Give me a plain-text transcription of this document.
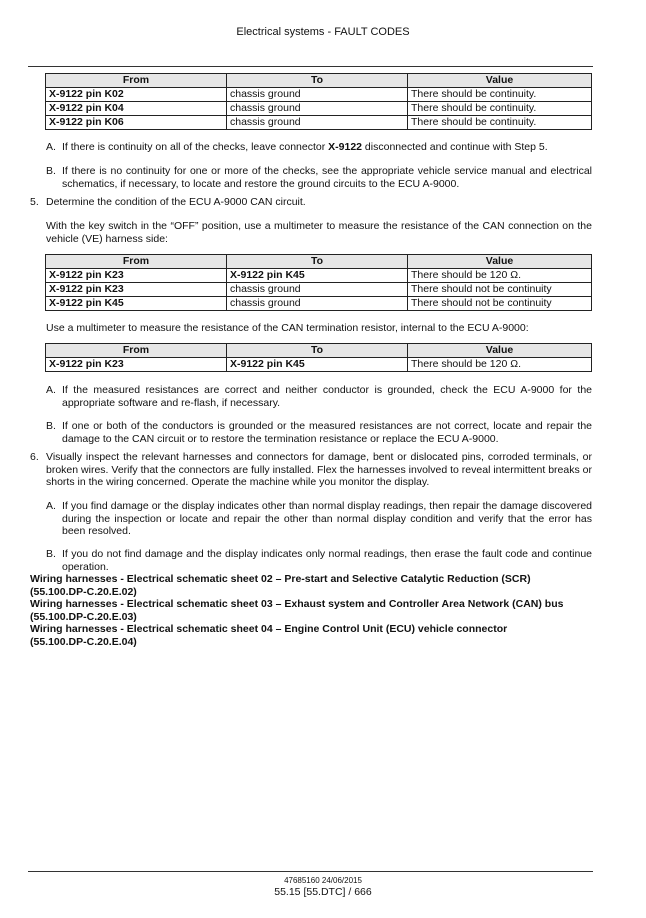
Electrical systems - FAULT CODES
From	To	Value
X-9122 pin K02	chassis ground	There should be continuity.
X-9122 pin K04	chassis ground	There should be continuity.
X-9122 pin K06	chassis ground	There should be continuity.
A. If there is continuity on all of the checks, leave connector X-9122 disconnected and continue with Step 5.
B. If there is no continuity for one or more of the checks, see the appropriate vehicle service manual and electrical schematics, if necessary, to locate and restore the ground circuits to the ECU A-9000.
5. Determine the condition of the ECU A-9000 CAN circuit.
With the key switch in the “OFF” position, use a multimeter to measure the resistance of the CAN connection on the vehicle (VE) harness side:
From	To	Value
X-9122 pin K23	X-9122 pin K45	There should be 120 Ω.
X-9122 pin K23	chassis ground	There should not be continuity
X-9122 pin K45	chassis ground	There should not be continuity
Use a multimeter to measure the resistance of the CAN termination resistor, internal to the ECU A-9000:
From	To	Value
X-9122 pin K23	X-9122 pin K45	There should be 120 Ω.
A. If the measured resistances are correct and neither conductor is grounded, check the ECU A-9000 for the appropriate software and re-flash, if necessary.
B. If one or both of the conductors is grounded or the measured resistances are not correct, locate and repair the damage to the CAN circuit or to restore the termination resistance or replace the ECU A-9000.
6. Visually inspect the relevant harnesses and connectors for damage, bent or dislocated pins, corroded terminals, or broken wires. Verify that the connectors are fully installed. Flex the harnesses involved to reveal intermittent breaks or shorts in the wiring concerned. Operate the machine while you monitor the display.
A. If you find damage or the display indicates other than normal display readings, then repair the damage discovered during the inspection or locate and repair the other than normal display condition and verify that the error has been resolved.
B. If you do not find damage and the display indicates only normal readings, then erase the fault code and continue operation.
Wiring harnesses - Electrical schematic sheet 02 – Pre-start and Selective Catalytic Reduction (SCR)
(55.100.DP-C.20.E.02)
Wiring harnesses - Electrical schematic sheet 03 – Exhaust system and Controller Area Network (CAN) bus
(55.100.DP-C.20.E.03)
Wiring harnesses - Electrical schematic sheet 04 – Engine Control Unit (ECU) vehicle connector
(55.100.DP-C.20.E.04)
47685160 24/06/2015
55.15 [55.DTC] / 666
